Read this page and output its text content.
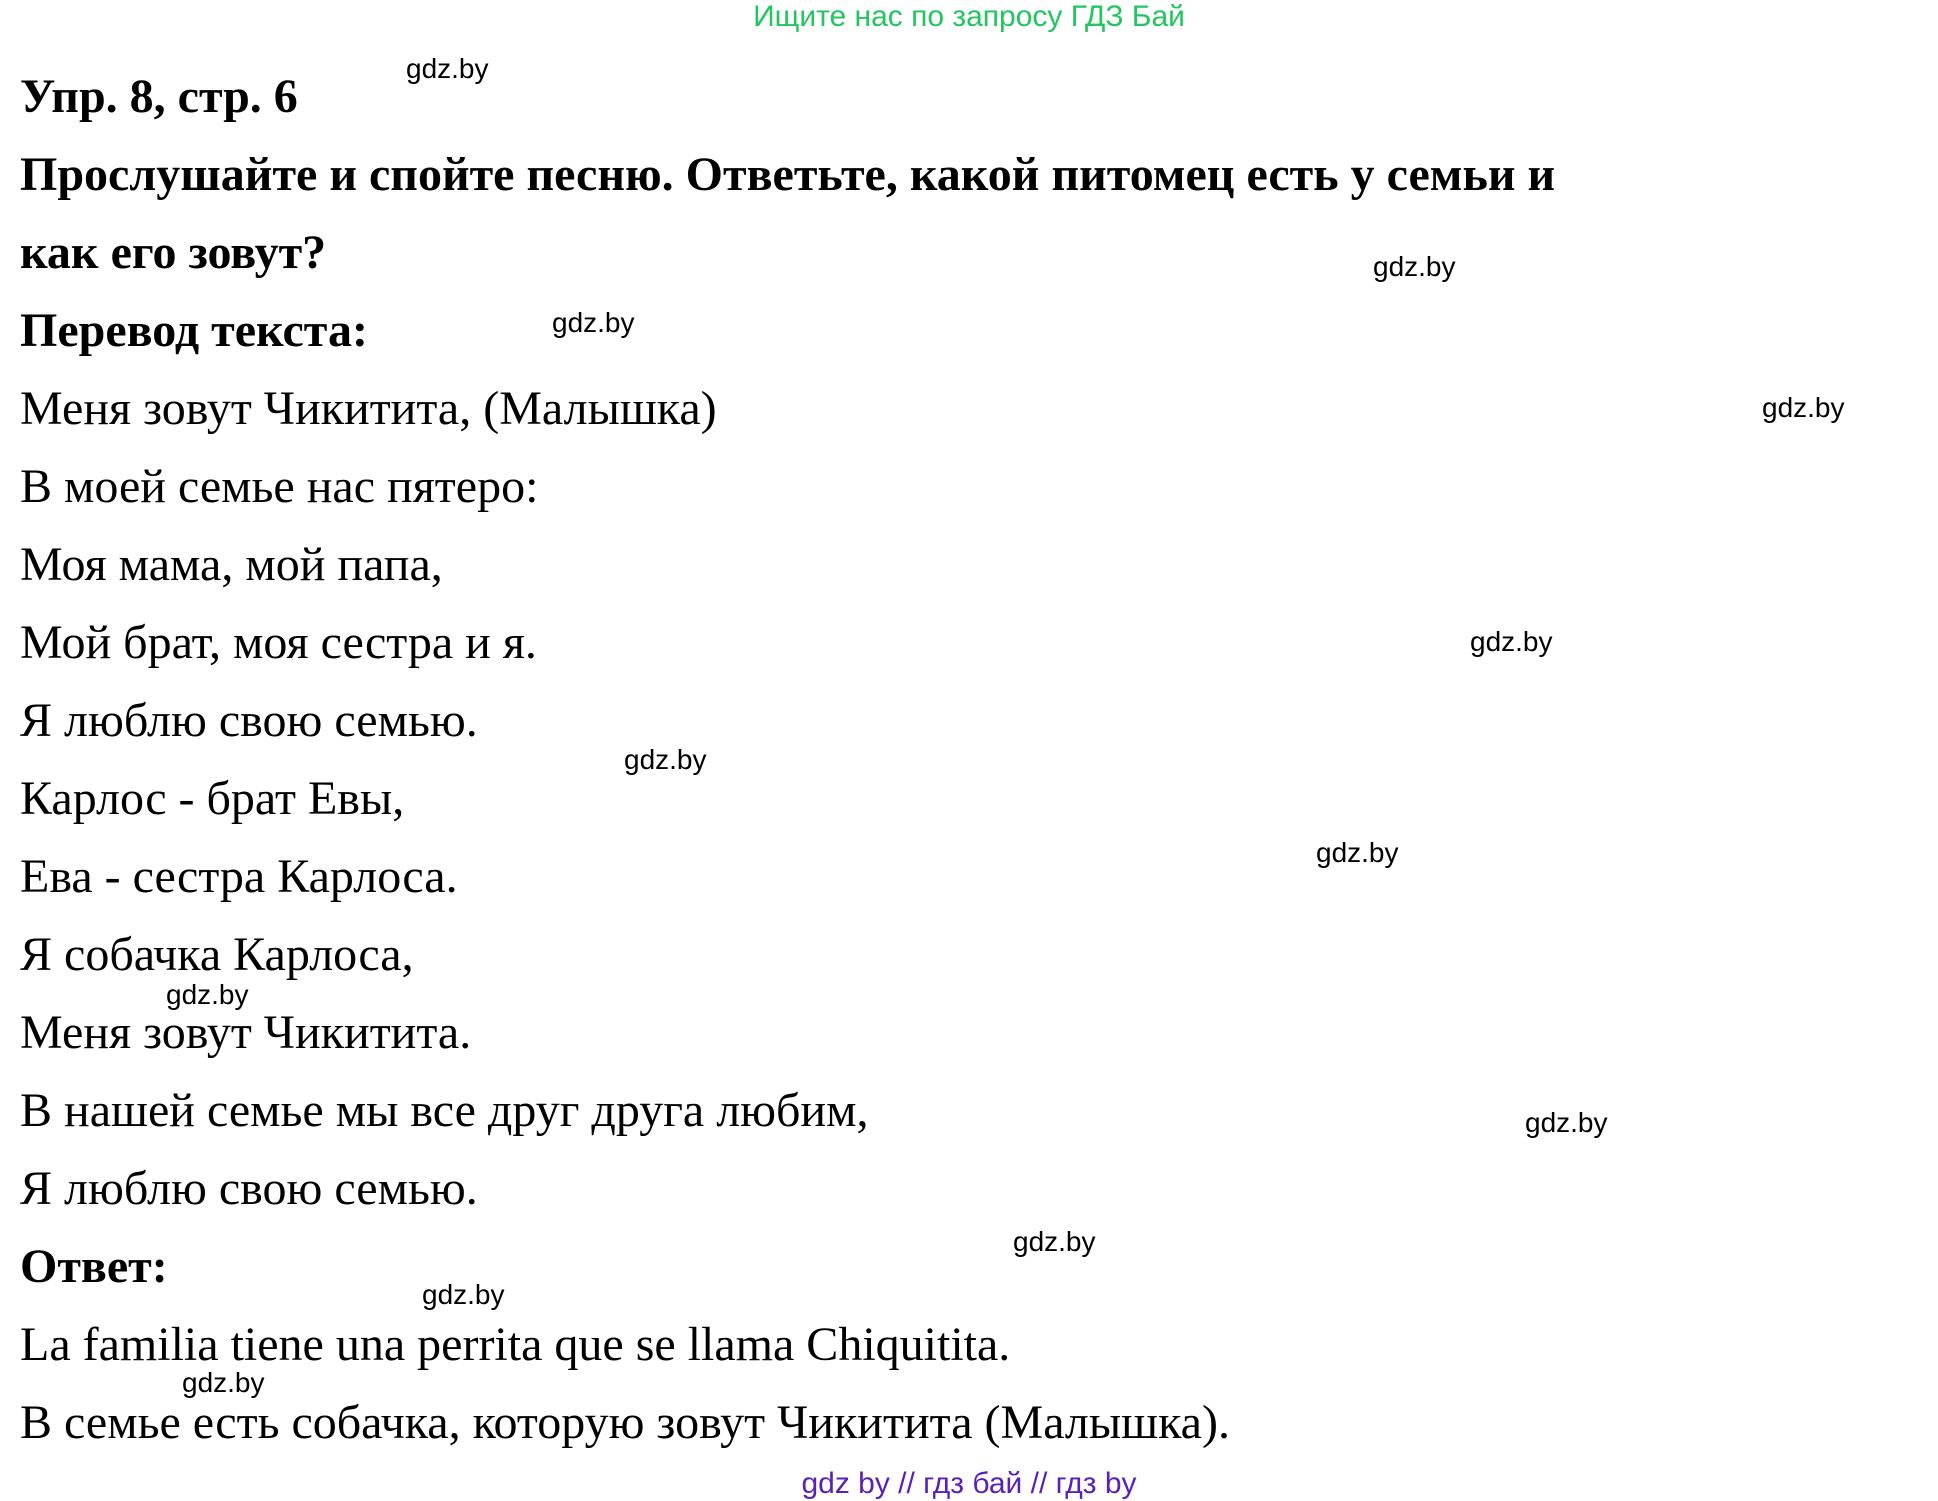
Ищите нас по запросу ГДЗ Бай
Упр. 8, стр. 6
Прослушайте и спойте песню. Ответьте, какой питомец есть у семьи и
как его зовут?
Перевод текста:
Меня зовут Чикитита, (Малышка)
В моей семье нас пятеро:
Моя мама, мой папа,
Мой брат, моя сестра и я.
Я люблю свою семью.
Карлос - брат Евы,
Ева - сестра Карлоса.
Я собачка Карлоса,
Меня зовут Чикитита.
В нашей семье мы все друг друга любим,
Я люблю свою семью.
Ответ:
La familia tiene una perrita que se llama Chiquitita.
В семье есть собачка, которую зовут Чикитита (Малышка).
gdz.by
gdz.by
gdz.by
gdz.by
gdz.by
gdz.by
gdz.by
gdz.by
gdz.by
gdz.by
gdz.by
gdz.by
gdz by // гдз бай // гдз by
